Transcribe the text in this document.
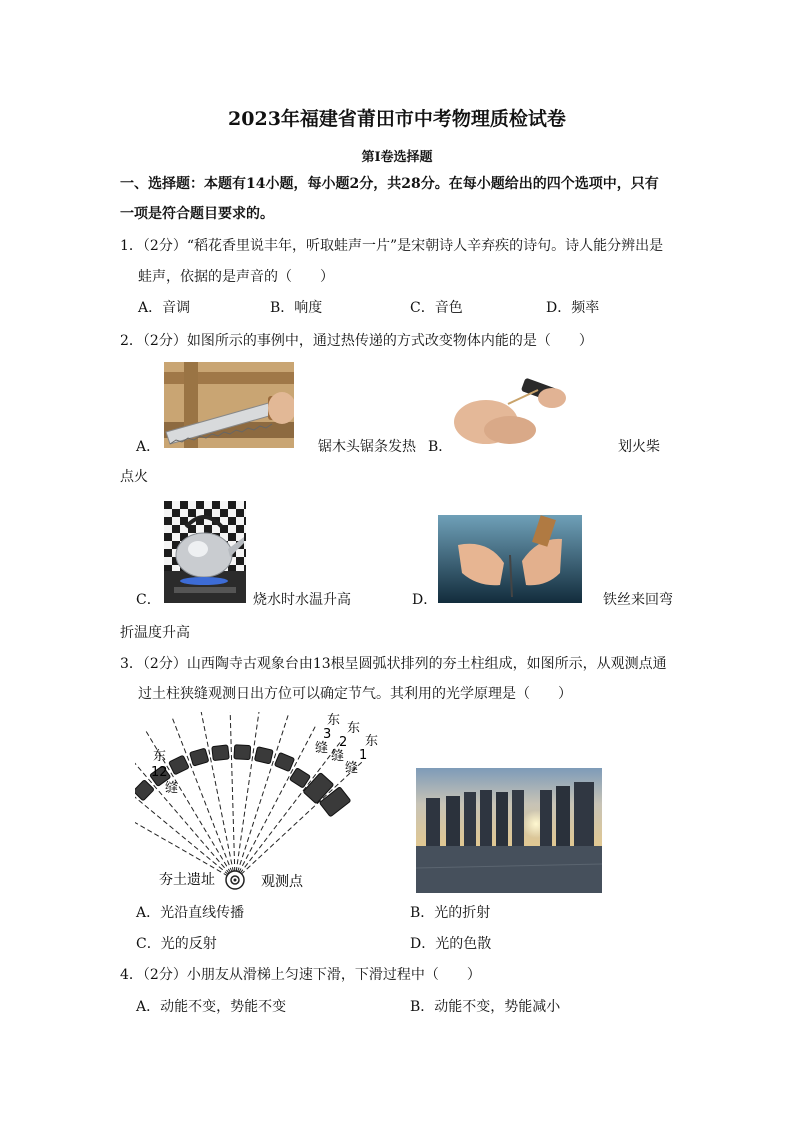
2023年福建省莆田市中考物理质检试卷
第Ⅰ卷选择题
一、选择题：本题有14小题，每小题2分，共28分。在每小题给出的四个选项中，只有
一项是符合题目要求的。
1．（2分）“稻花香里说丰年，听取蛙声一片”是宋朝诗人辛弃疾的诗句。诗人能分辨出是
蛙声，依据的是声音的（　　）
A．音调	B．响度	C．音色	D．频率
2．（2分）如图所示的事例中，通过热传递的方式改变物体内能的是（　　）
A．	锯木头锯条发热 B．	划火柴
点火
C．	烧水时水温升高	D．	铁丝来回弯
折温度升高
3．（2分）山西陶寺古观象台由13根呈圆弧状排列的夯土柱组成，如图所示，从观测点通
过土柱狭缝观测日出方位可以确定节气。其利用的光学原理是（　　）
东
12
缝
东
3
缝
东
2
缝
东
1
缝
夯土遗址	观测点
A．光沿直线传播	B．光的折射
C．光的反射	D．光的色散
4．（2分）小朋友从滑梯上匀速下滑，下滑过程中（　　）
A．动能不变，势能不变	B．动能不变，势能减小
